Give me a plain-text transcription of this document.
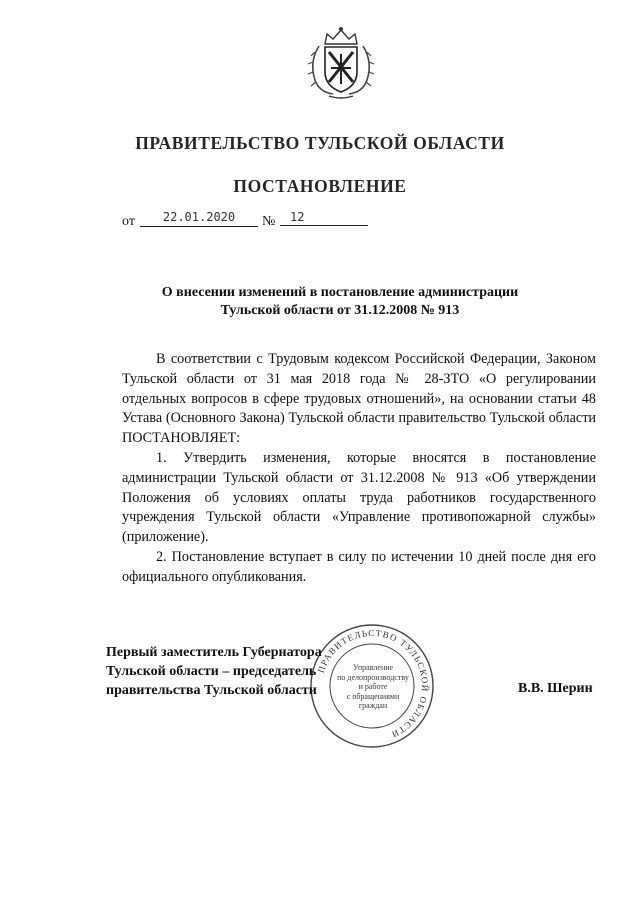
ПРАВИТЕЛЬСТВО ТУЛЬСКОЙ ОБЛАСТИ
ПОСТАНОВЛЕНИЕ
от	22.01.2020	№	12
О внесении изменений в постановление администрации
Тульской области от 31.12.2008 № 913

В соответствии с Трудовым кодексом Российской Федерации, Законом Тульской области от 31 мая 2018 года № 28-ЗТО «О регулировании отдельных вопросов в сфере трудовых отношений», на основании статьи 48 Устава (Основного Закона) Тульской области правительство Тульской области ПОСТАНОВЛЯЕТ:

1. Утвердить изменения, которые вносятся в постановление администрации Тульской области от 31.12.2008 № 913 «Об утверждении Положения об условиях оплаты труда работников государственного учреждения Тульской области «Управление противопожарной службы» (приложение).

2. Постановление вступает в силу по истечении 10 дней после дня его официального опубликования.

ПРАВИТЕЛЬСТВО ТУЛЬСКОЙ ОБЛАСТИ
Управление
по делопроизводству
и работе
с обращениями
граждан
Первый заместитель Губернатора
Тульской области – председатель
правительства Тульской области	В.В. Шерин
